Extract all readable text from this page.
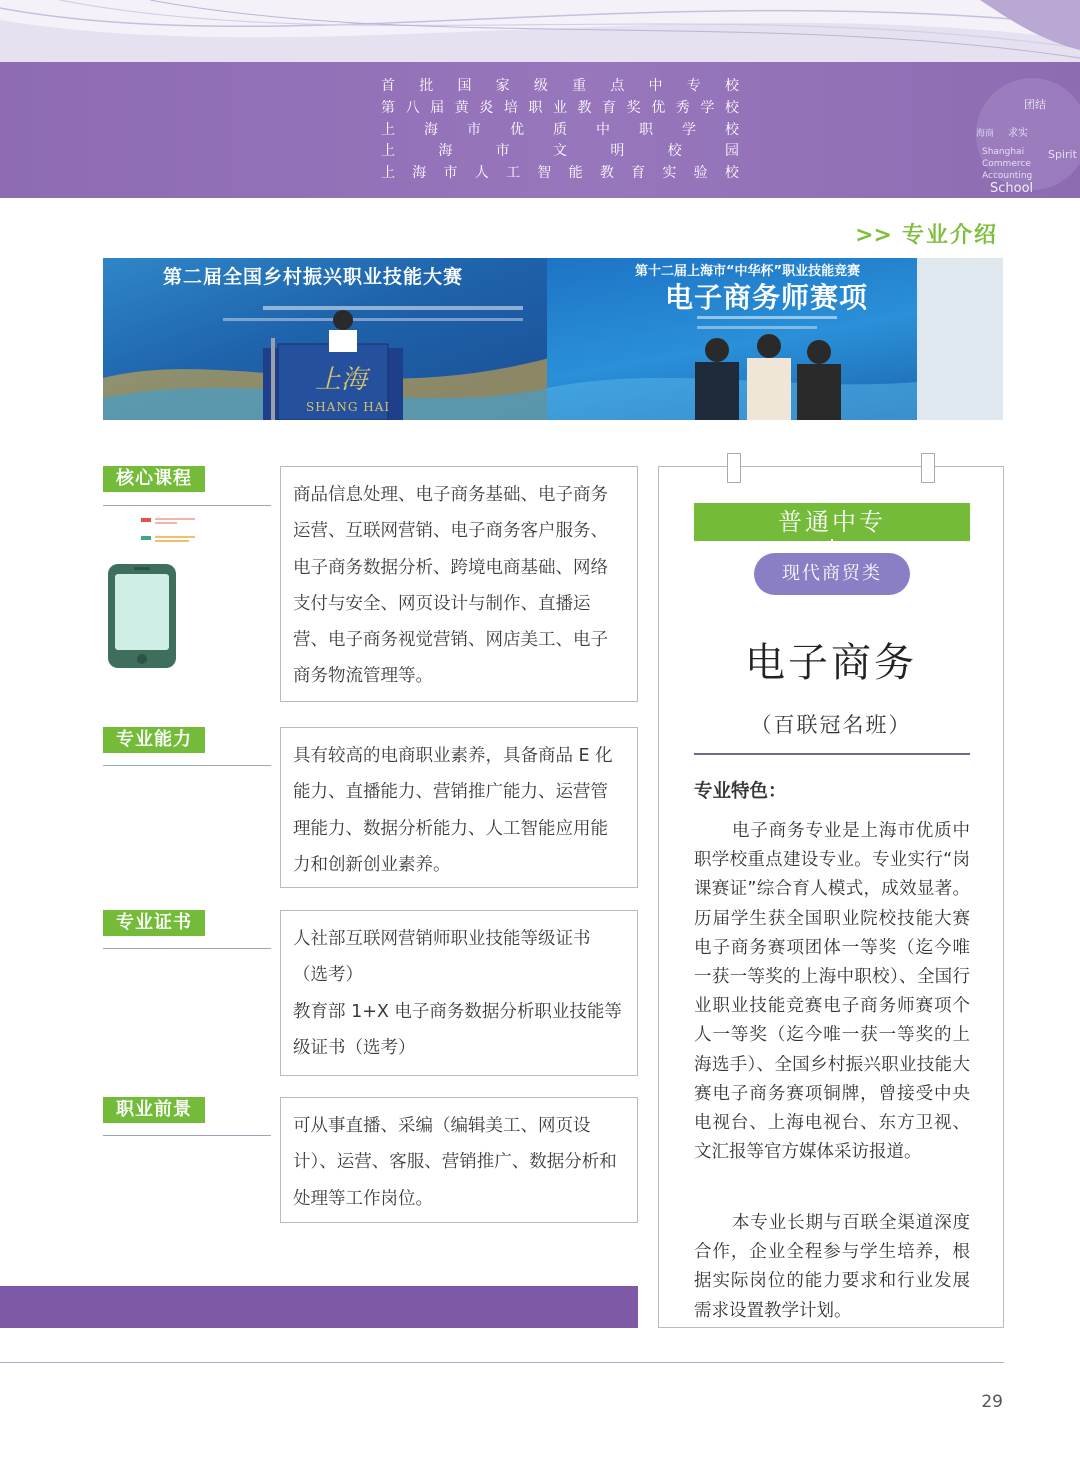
首 批 国 家 级 重 点 中 专 校
第 八 届 黄 炎 培 职 业 教 育 奖 优 秀 学 校
上 海 市 优 质 中 职 学 校
上	海	市	文	明	校	园
上 海 市 人 工 智 能 教 育 实 验 校
Shanghai
Commerce
Accounting
School
Spirit
团结
求实
海商
>> 专业介绍
上海
第二届全国乡村振兴职业技能大赛
SHANG HAI
第十二届上海市“中华杯”职业技能竞赛
电子商务师赛项
核心课程
专业能力
专业证书
职业前景
商品信息处理、电子商务基础、电子商务运营、互联网营销、电子商务客户服务、电子商务数据分析、跨境电商基础、网络支付与安全、网页设计与制作、直播运营、电子商务视觉营销、网店美工、电子商务物流管理等。
具有较高的电商职业素养，具备商品 E 化能力、直播能力、营销推广能力、运营管理能力、数据分析能力、人工智能应用能力和创新创业素养。
人社部互联网营销师职业技能等级证书（选考）
教育部 1+X 电子商务数据分析职业技能等级证书（选考）
可从事直播、采编（编辑美工、网页设计）、运营、客服、营销推广、数据分析和处理等工作岗位。
普通中专
现代商贸类
电子商务
（百联冠名班）
专业特色：
电子商务专业是上海市优质中职学校重点建设专业。专业实行“岗课赛证”综合育人模式，成效显著。历届学生获全国职业院校技能大赛电子商务赛项团体一等奖（迄今唯一获一等奖的上海中职校）、全国行业职业技能竞赛电子商务师赛项个人一等奖（迄今唯一获一等奖的上海选手）、全国乡村振兴职业技能大赛电子商务赛项铜牌，曾接受中央电视台、上海电视台、东方卫视、文汇报等官方媒体采访报道。
本专业长期与百联全渠道深度合作，企业全程参与学生培养，根据实际岗位的能力要求和行业发展需求设置教学计划。
29
